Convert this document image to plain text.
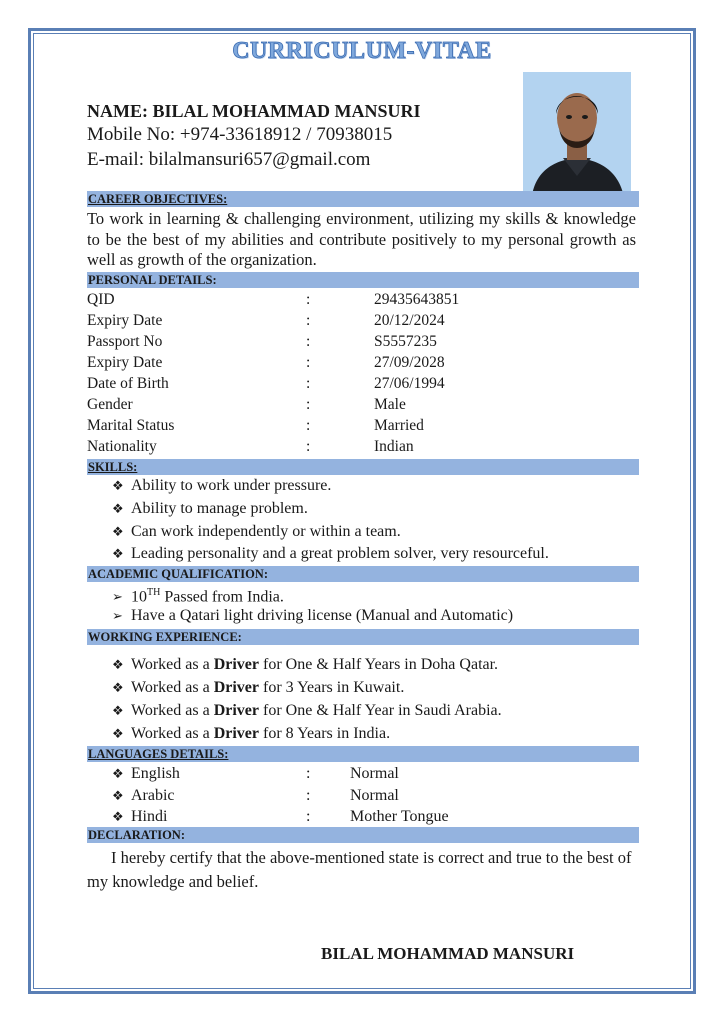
CURRICULUM-VITAE
NAME: BILAL MOHAMMAD MANSURI
Mobile No: +974-33618912 / 70938015
E-mail: bilalmansuri657@gmail.com
CAREER OBJECTIVES:
To work in learning & challenging environment, utilizing my skills & knowledge to be the best of my abilities and contribute positively to my personal growth as well as growth of the organization.
PERSONAL DETAILS:
QID	:	29435643851
Expiry Date	:	20/12/2024
Passport No	:	S5557235
Expiry Date	:	27/09/2028
Date of Birth	:	27/06/1994
Gender	:	Male
Marital Status	:	Married
Nationality	:	Indian
SKILLS:
❖ Ability to work under pressure.
❖ Ability to manage problem.
❖ Can work independently or within a team.
❖ Leading personality and a great problem solver, very resourceful.
ACADEMIC QUALIFICATION:
➢ 10TH Passed from India.
➢ Have a Qatari light driving license (Manual and Automatic)
WORKING EXPERIENCE:
❖ Worked as a Driver for One & Half Years in Doha Qatar.
❖ Worked as a Driver for 3 Years in Kuwait.
❖ Worked as a Driver for One & Half Year in Saudi Arabia.
❖ Worked as a Driver for 8 Years in India.
LANGUAGES DETAILS:
❖ English	: Normal
❖ Arabic	: Normal
❖ Hindi	: Mother Tongue
DECLARATION:
I hereby certify that the above-mentioned state is correct and true to the best of my knowledge and belief.
BILAL MOHAMMAD MANSURI
